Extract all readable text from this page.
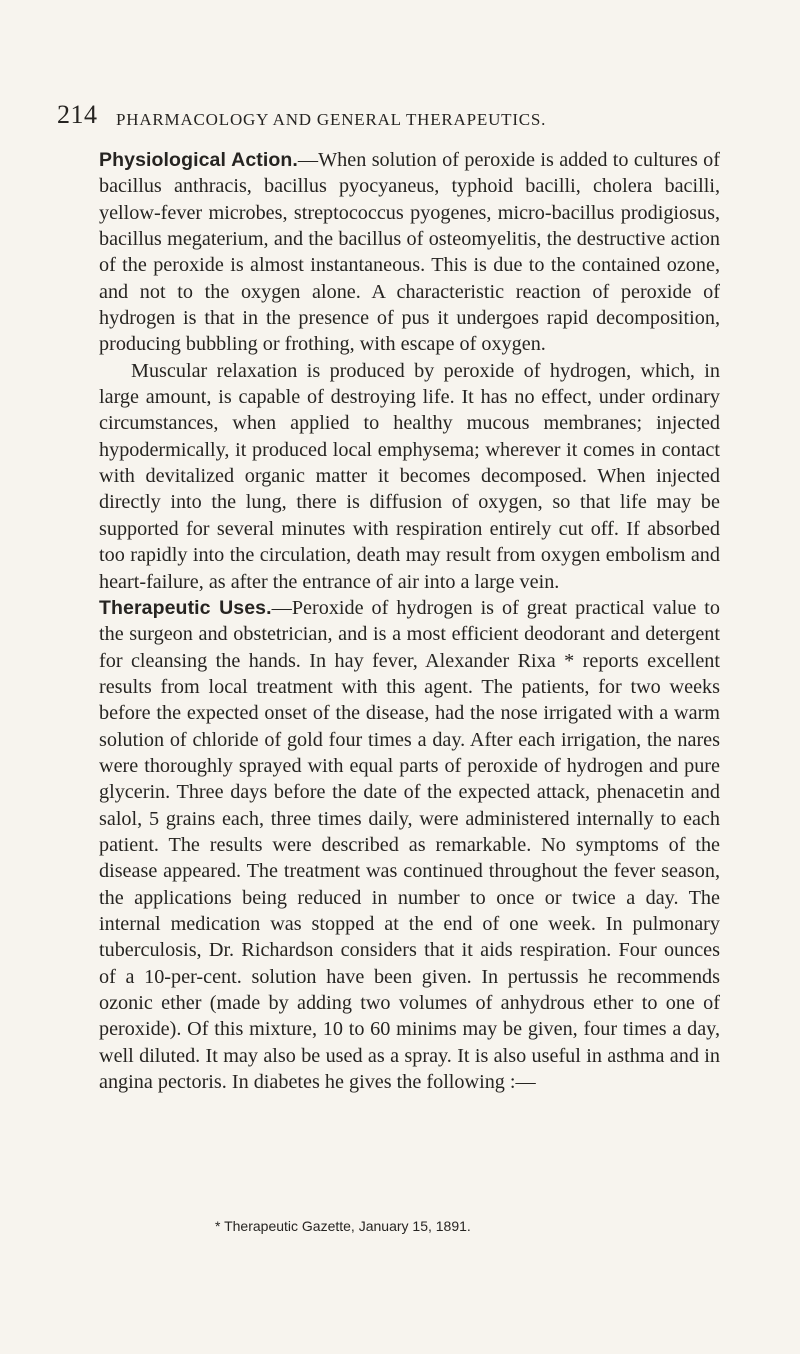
214 PHARMACOLOGY AND GENERAL THERAPEUTICS.

Physiological Action.—When solution of peroxide is added to cultures of bacillus anthracis, bacillus pyocyaneus, typhoid bacilli, cholera bacilli, yellow-fever microbes, streptococcus pyogenes, micro-bacillus prodigiosus, bacillus megaterium, and the bacillus of osteomyelitis, the destructive action of the peroxide is almost instantaneous. This is due to the contained ozone, and not to the oxygen alone. A characteristic reaction of peroxide of hydrogen is that in the presence of pus it undergoes rapid decomposition, producing bubbling or frothing, with escape of oxygen.

Muscular relaxation is produced by peroxide of hydrogen, which, in large amount, is capable of destroying life. It has no effect, under ordinary circumstances, when applied to healthy mucous membranes; injected hypodermically, it produced local emphysema; wherever it comes in contact with devitalized organic matter it becomes decomposed. When injected directly into the lung, there is diffusion of oxygen, so that life may be supported for several minutes with respiration entirely cut off. If absorbed too rapidly into the circulation, death may result from oxygen embolism and heart-failure, as after the entrance of air into a large vein.

Therapeutic Uses.—Peroxide of hydrogen is of great practical value to the surgeon and obstetrician, and is a most efficient deodorant and detergent for cleansing the hands. In hay fever, Alexander Rixa * reports excellent results from local treatment with this agent. The patients, for two weeks before the expected onset of the disease, had the nose irrigated with a warm solution of chloride of gold four times a day. After each irrigation, the nares were thoroughly sprayed with equal parts of peroxide of hydrogen and pure glycerin. Three days before the date of the expected attack, phenacetin and salol, 5 grains each, three times daily, were administered internally to each patient. The results were described as remarkable. No symptoms of the disease appeared. The treatment was continued throughout the fever season, the applications being reduced in number to once or twice a day. The internal medication was stopped at the end of one week. In pulmonary tuberculosis, Dr. Richardson considers that it aids respiration. Four ounces of a 10-per-cent. solution have been given. In pertussis he recommends ozonic ether (made by adding two volumes of anhydrous ether to one of peroxide). Of this mixture, 10 to 60 minims may be given, four times a day, well diluted. It may also be used as a spray. It is also useful in asthma and in angina pectoris. In diabetes he gives the following :—

* Therapeutic Gazette, January 15, 1891.
